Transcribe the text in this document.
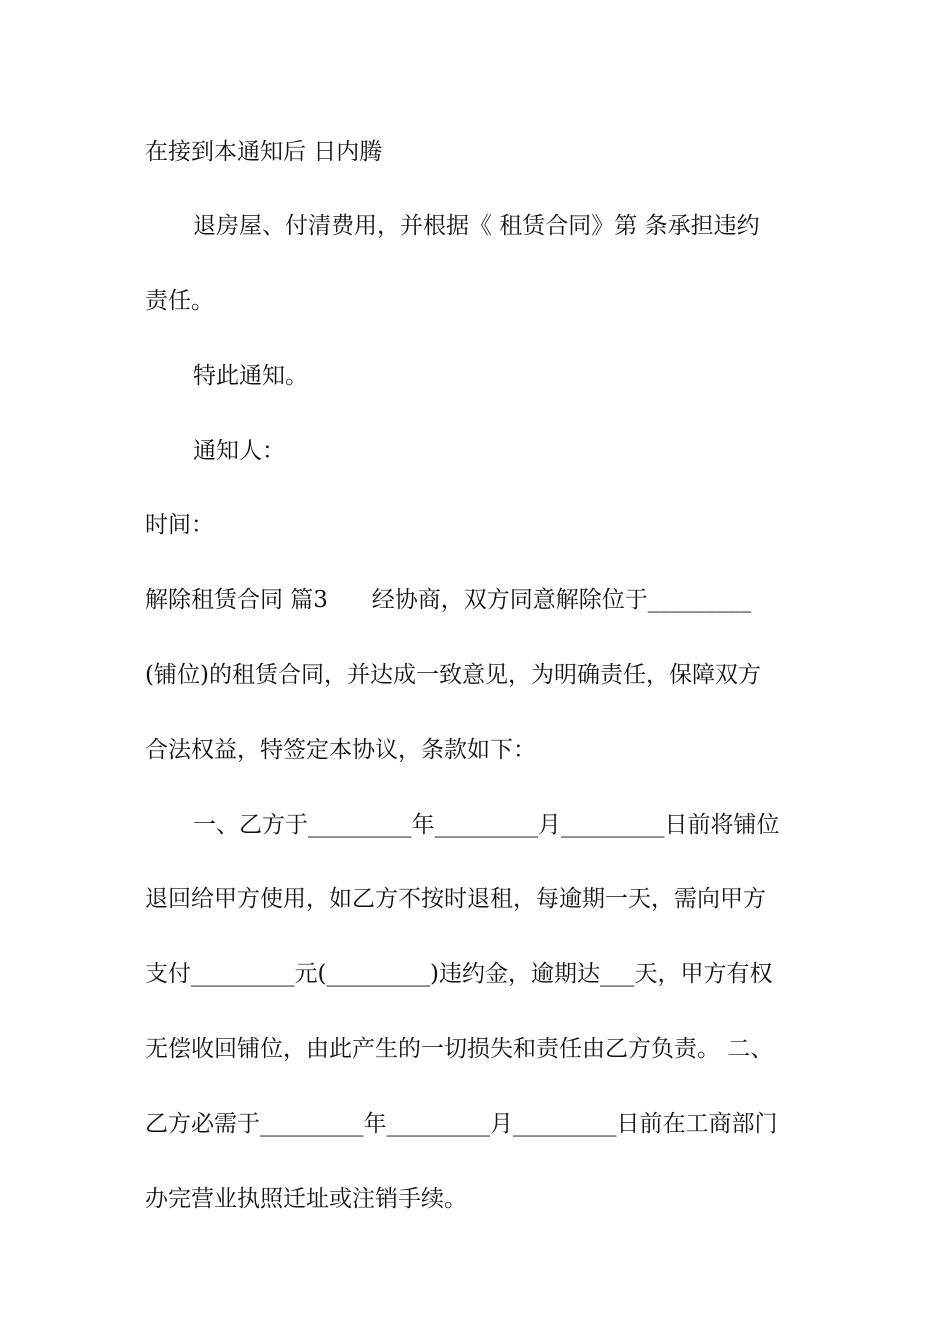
在接到本通知后 日内腾
退房屋、付清费用，并根据《 租赁合同》第 条承担违约
责任。
特此通知。
通知人：
时间：
解除租赁合同 篇3      经协商，双方同意解除位于_________
(铺位)的租赁合同，并达成一致意见，为明确责任，保障双方
合法权益，特签定本协议，条款如下：
一、乙方于_________年_________月_________日前将铺位
退回给甲方使用，如乙方不按时退租，每逾期一天，需向甲方
支付_________元(_________)违约金，逾期达___天，甲方有权
无偿收回铺位，由此产生的一切损失和责任由乙方负责。 二、
乙方必需于_________年_________月_________日前在工商部门
办完营业执照迁址或注销手续。
